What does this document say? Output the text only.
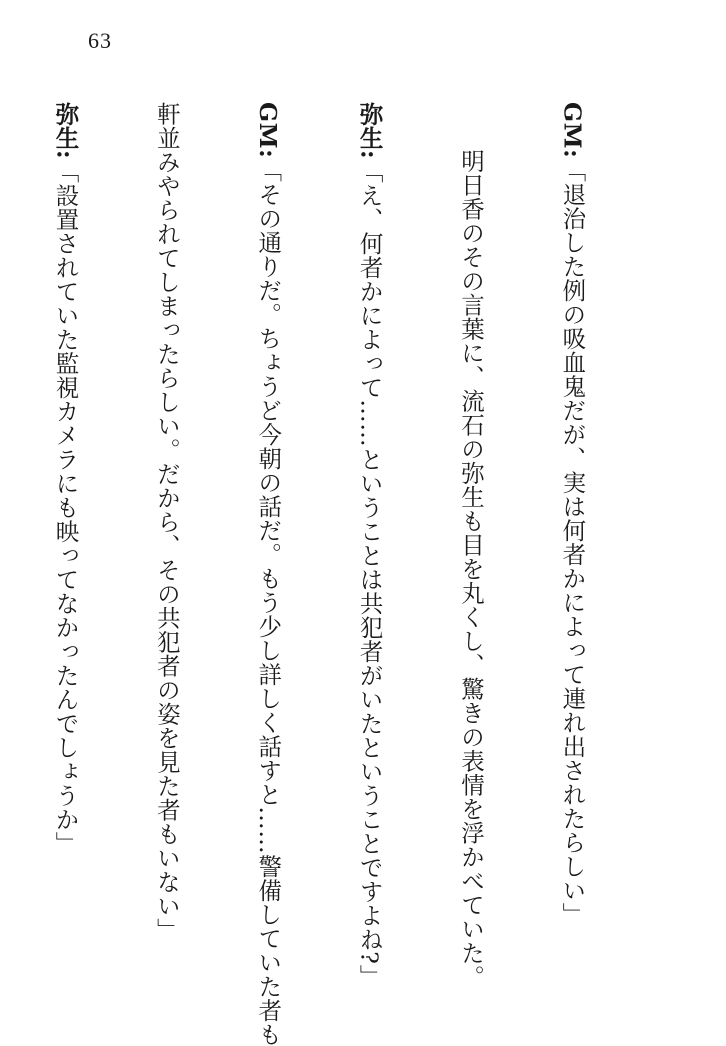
63

GM:「退治した例の吸血鬼だが、実は何者かによって連れ出されたらしい」

明日香のその言葉に、流石の弥生も目を丸くし、驚きの表情を浮かべていた。

弥生:「え、何者かによって……ということは共犯者がいたということですよね?」

GM:「その通りだ。ちょうど今朝の話だ。もう少し詳しく話すと……警備していた者も

軒並みやられてしまったらしい。だから、その共犯者の姿を見た者もいない」

弥生:「設置されていた監視カメラにも映ってなかったんでしょうか」
